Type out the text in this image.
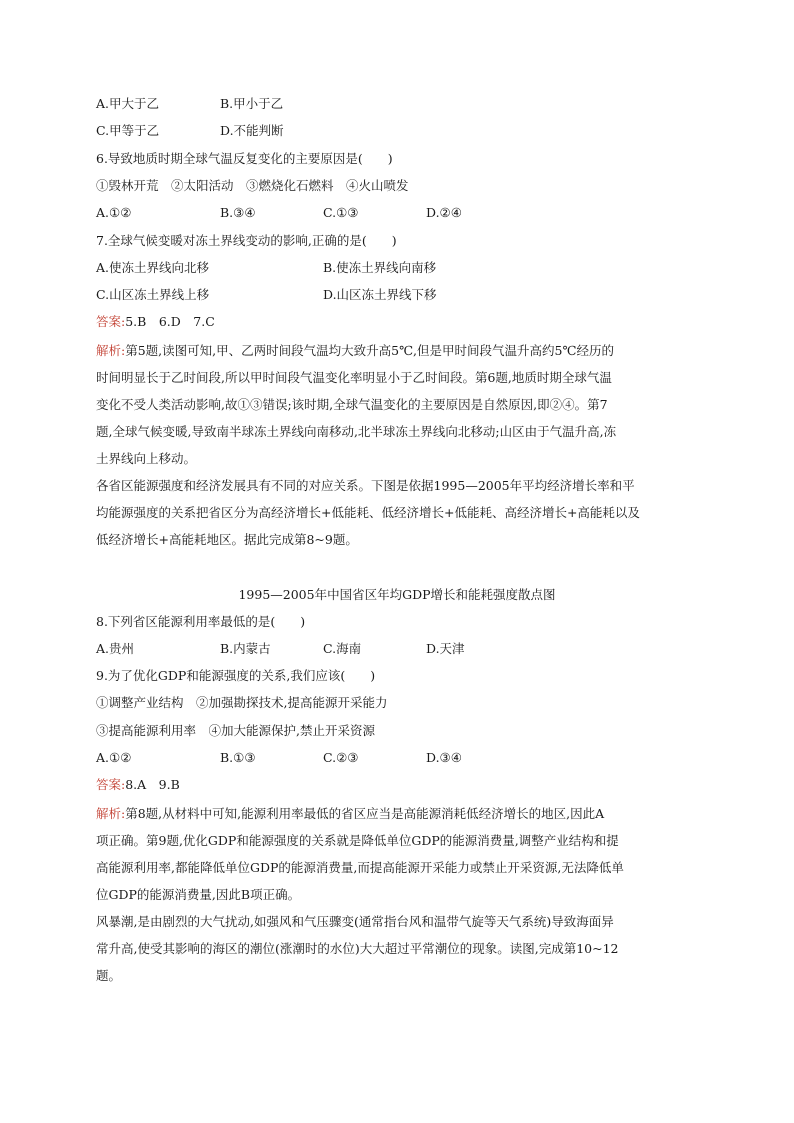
A.甲大于乙	B.甲小于乙
C.甲等于乙	D.不能判断
6.导致地质时期全球气温反复变化的主要原因是(　　)
①毁林开荒　②太阳活动　③燃烧化石燃料　④火山喷发
A.①②	B.③④	C.①③	D.②④
7.全球气候变暖对冻土界线变动的影响,正确的是(　　)
A.使冻土界线向北移	B.使冻土界线向南移
C.山区冻土界线上移	D.山区冻土界线下移
答案:5.B　6.D　7.C
解析:第5题,读图可知,甲、乙两时间段气温均大致升高5℃,但是甲时间段气温升高约5℃经历的
时间明显长于乙时间段,所以甲时间段气温变化率明显小于乙时间段。第6题,地质时期全球气温
变化不受人类活动影响,故①③错误;该时期,全球气温变化的主要原因是自然原因,即②④。第7
题,全球气候变暖,导致南半球冻土界线向南移动,北半球冻土界线向北移动;山区由于气温升高,冻
土界线向上移动。
各省区能源强度和经济发展具有不同的对应关系。下图是依据1995—2005年平均经济增长率和平
均能源强度的关系把省区分为高经济增长+低能耗、低经济增长+低能耗、高经济增长+高能耗以及
低经济增长+高能耗地区。据此完成第8~9题。
1995—2005年中国省区年均GDP增长和能耗强度散点图
8.下列省区能源利用率最低的是(　　)
A.贵州	B.内蒙古	C.海南	D.天津
9.为了优化GDP和能源强度的关系,我们应该(　　)
①调整产业结构　②加强勘探技术,提高能源开采能力
③提高能源利用率　④加大能源保护,禁止开采资源
A.①②	B.①③	C.②③	D.③④
答案:8.A　9.B
解析:第8题,从材料中可知,能源利用率最低的省区应当是高能源消耗低经济增长的地区,因此A
项正确。第9题,优化GDP和能源强度的关系就是降低单位GDP的能源消费量,调整产业结构和提
高能源利用率,都能降低单位GDP的能源消费量,而提高能源开采能力或禁止开采资源,无法降低单
位GDP的能源消费量,因此B项正确。
风暴潮,是由剧烈的大气扰动,如强风和气压骤变(通常指台风和温带气旋等天气系统)导致海面异
常升高,使受其影响的海区的潮位(涨潮时的水位)大大超过平常潮位的现象。读图,完成第10~12
题。
